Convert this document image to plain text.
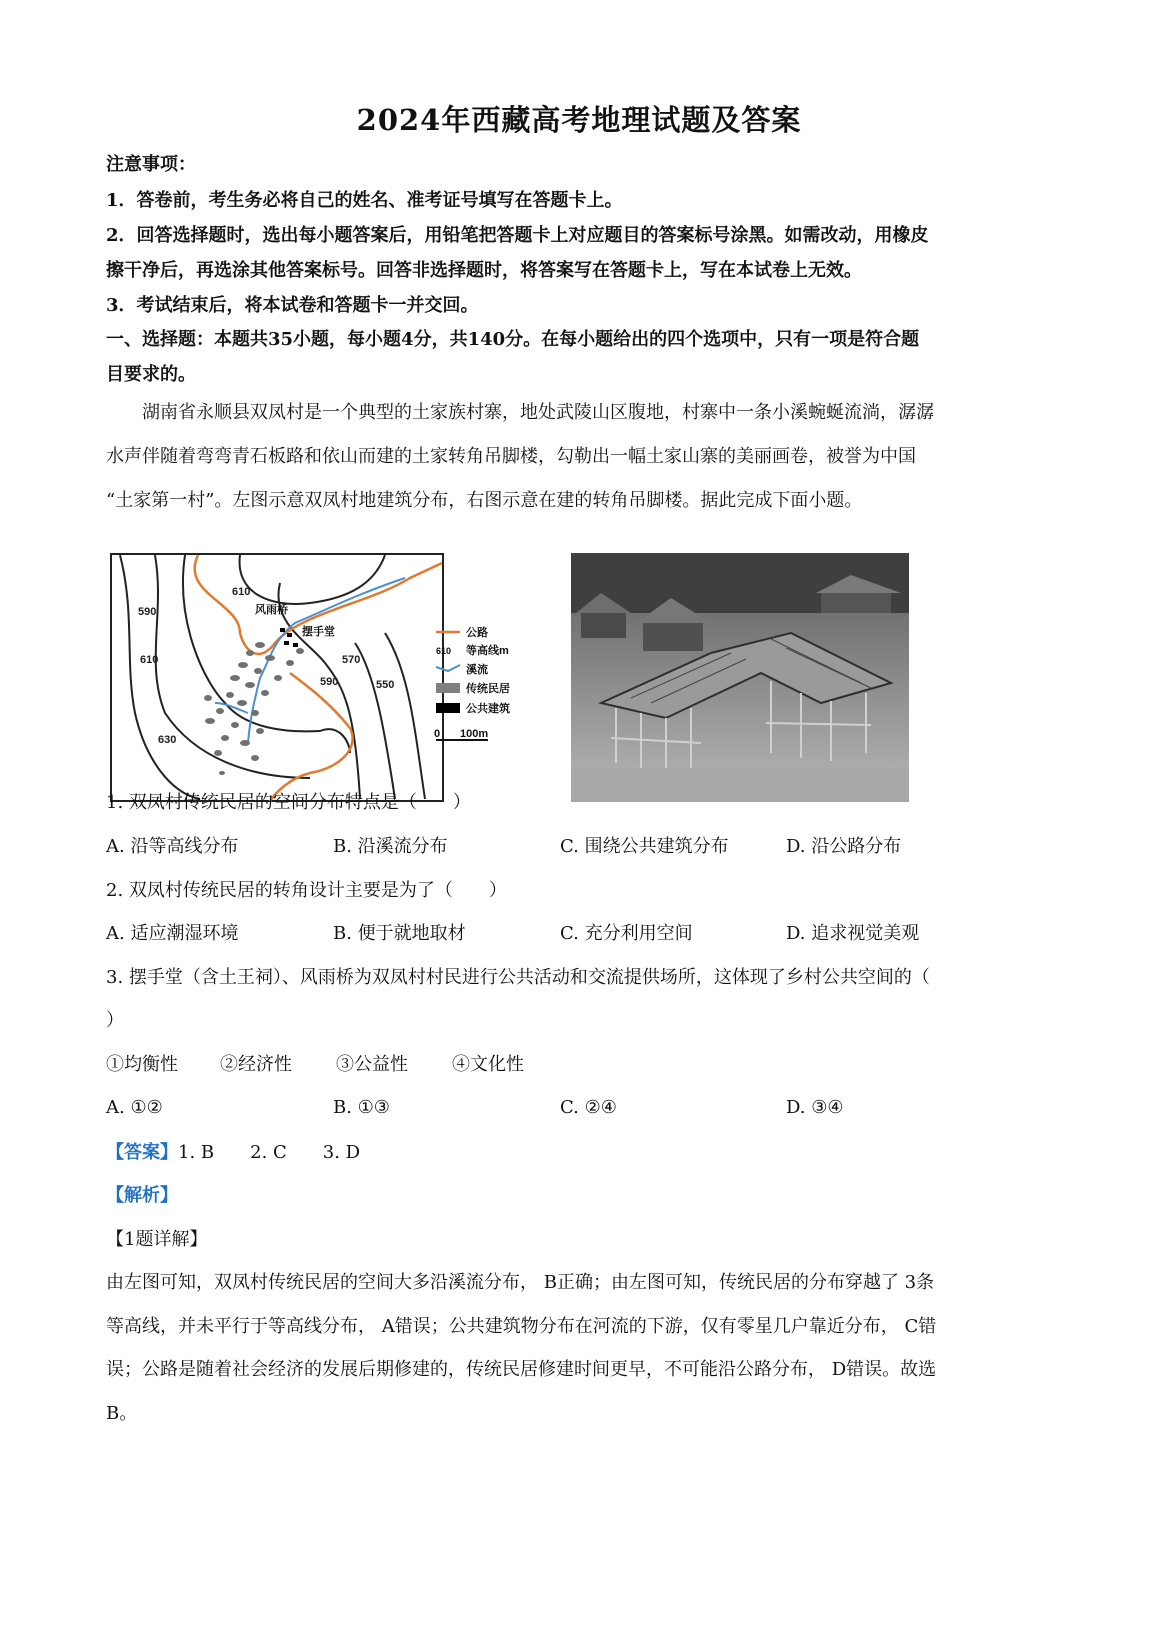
2024年西藏高考地理试题及答案
注意事项：
1．答卷前，考生务必将自己的姓名、准考证号填写在答题卡上。
2．回答选择题时，选出每小题答案后，用铅笔把答题卡上对应题目的答案标号涂黑。如需改动，用橡皮
擦干净后，再选涂其他答案标号。回答非选择题时，将答案写在答题卡上，写在本试卷上无效。
3．考试结束后，将本试卷和答题卡一并交回。
一、选择题：本题共35小题，每小题4分，共140分。在每小题给出的四个选项中，只有一项是符合题
目要求的。
湖南省永顺县双凤村是一个典型的土家族村寨，地处武陵山区腹地，村寨中一条小溪蜿蜒流淌，潺潺
水声伴随着弯弯青石板路和依山而建的土家转角吊脚楼，勾勒出一幅土家山寨的美丽画卷，被誉为中国
“土家第一村”。左图示意双凤村地建筑分布，右图示意在建的转角吊脚楼。据此完成下面小题。
590
610
610
630
590
570
550
风雨桥
摆手堂	公路
610 等高线m
溪流
传统民居
公共建筑
0 100m
1. 双凤村传统民居的空间分布特点是（　　）
A. 沿等高线分布	B. 沿溪流分布	C. 围绕公共建筑分布	D. 沿公路分布
2. 双凤村传统民居的转角设计主要是为了（　　）
A. 适应潮湿环境	B. 便于就地取材	C. 充分利用空间	D. 追求视觉美观
3. 摆手堂（含土王祠）、风雨桥为双凤村村民进行公共活动和交流提供场所，这体现了乡村公共空间的（
）
①均衡性 ②经济性 ③公益性 ④文化性
A. ①②	B. ①③	C. ②④	D. ③④
【答案】1. B　　2. C　　3. D
【解析】
【1题详解】
由左图可知，双凤村传统民居的空间大多沿溪流分布， B正确；由左图可知，传统民居的分布穿越了 3条
等高线，并未平行于等高线分布， A错误；公共建筑物分布在河流的下游，仅有零星几户靠近分布， C错
误；公路是随着社会经济的发展后期修建的，传统民居修建时间更早，不可能沿公路分布， D错误。故选
B。
